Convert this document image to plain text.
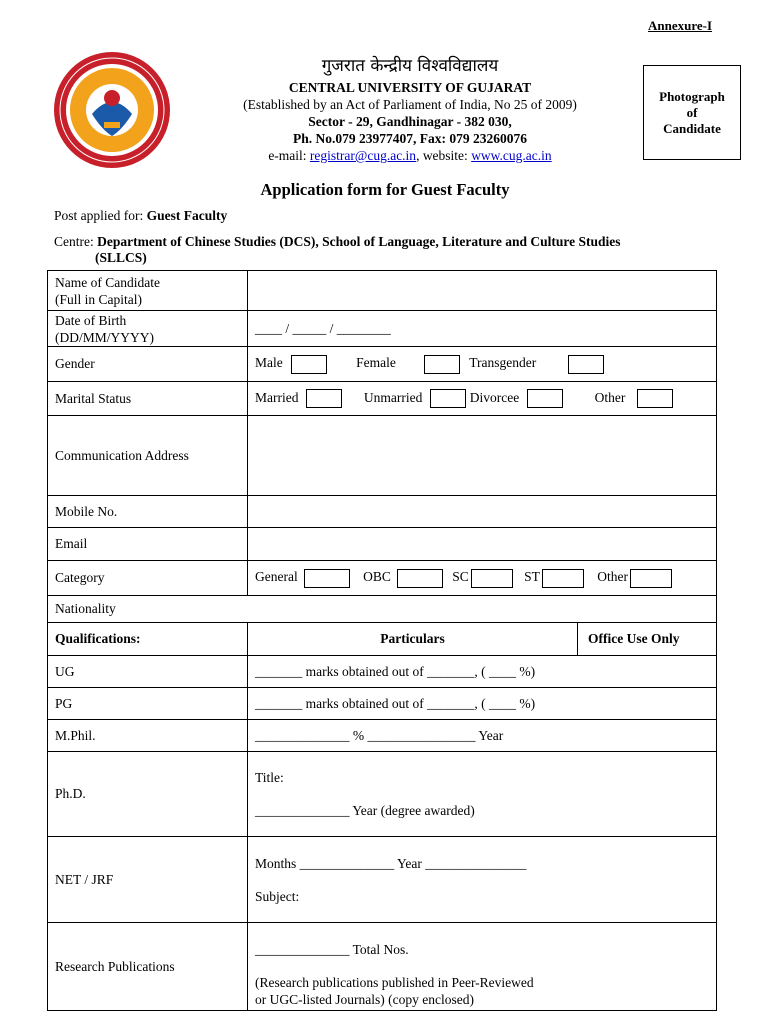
Annexure-I
गुजरात केन्द्रीय विश्वविद्यालय
CENTRAL UNIVERSITY OF GUJARAT
(Established by an Act of Parliament of India, No 25 of 2009)
Sector - 29, Gandhinagar - 382 030,
Ph. No.079 23977407, Fax: 079 23260076
e-mail: registrar@cug.ac.in, website: www.cug.ac.in
Photograph
of
Candidate
Application form for Guest Faculty
Post applied for: Guest Faculty
Centre: Department of Chinese Studies (DCS), School of Language, Literature and Culture Studies
(SLLCS)
Name of Candidate
(Full in Capital)		

Date of Birth
(DD/MM/YYYY)	____ / _____ / ________	
Gender	Male Female Transgender	
Marital Status	Married Unmarried Divorcee Other	
Communication Address		
Mobile No.		
Email		
Category	General OBC SC ST Other	
Nationality		
Qualifications:	Particulars	Office Use Only
UG	_______ marks obtained out of _______, ( ____ %)	
PG	_______ marks obtained out of _______, ( ____ %)	
M.Phil.	______________ % ________________ Year	
Ph.D.	Title:
______________ Year (degree awarded)	

NET / JRF	Months ______________ Year _______________
Subject:	

Research Publications	______________ Total Nos.
(Research publications published in Peer-Reviewed
or UGC-listed Journals) (copy enclosed)	
